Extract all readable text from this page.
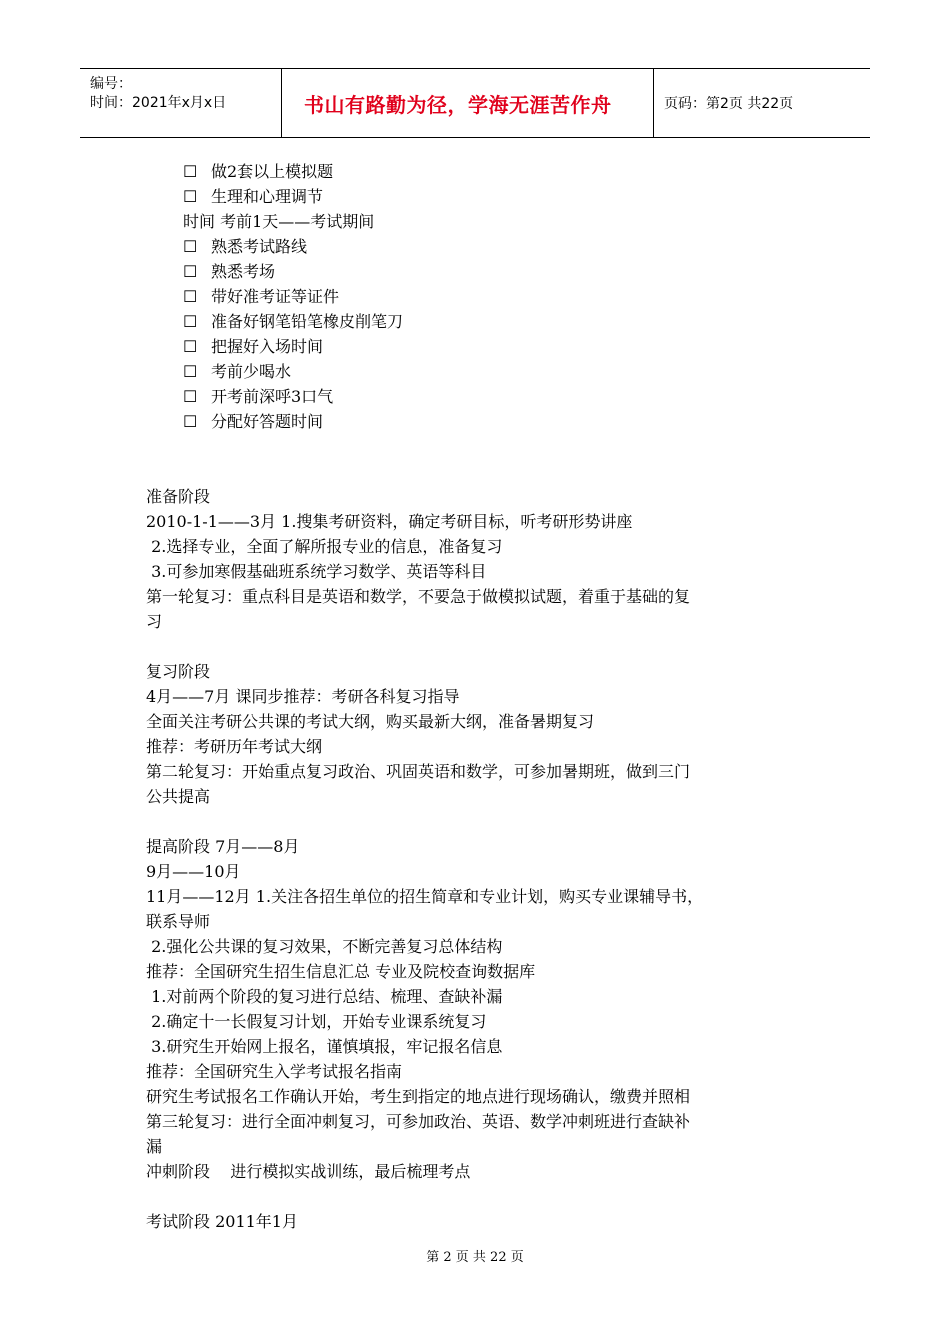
编号：
时间：2021年x月x日	书山有路勤为径，学海无涯苦作舟	页码：第2页 共22页
☐ 做2套以上模拟题
☐ 生理和心理调节
时间 考前1天——考试期间
☐ 熟悉考试路线
☐ 熟悉考场
☐ 带好准考证等证件
☐ 准备好钢笔铅笔橡皮削笔刀
☐ 把握好入场时间
☐ 考前少喝水
☐ 开考前深呼3口气
☐ 分配好答题时间
准备阶段
2010-1-1——3月 1.搜集考研资料，确定考研目标，听考研形势讲座
2.选择专业，全面了解所报专业的信息，准备复习
3.可参加寒假基础班系统学习数学、英语等科目
第一轮复习：重点科目是英语和数学，不要急于做模拟试题，着重于基础的复
习
复习阶段
4月——7月 课同步推荐：考研各科复习指导
全面关注考研公共课的考试大纲，购买最新大纲，准备暑期复习
推荐：考研历年考试大纲
第二轮复习：开始重点复习政治、巩固英语和数学，可参加暑期班，做到三门
公共提高
提高阶段 7月——8月
9月——10月
11月——12月 1.关注各招生单位的招生简章和专业计划，购买专业课辅导书，
联系导师
2.强化公共课的复习效果，不断完善复习总体结构
推荐：全国研究生招生信息汇总 专业及院校查询数据库
1.对前两个阶段的复习进行总结、梳理、查缺补漏
2.确定十一长假复习计划，开始专业课系统复习
3.研究生开始网上报名，谨慎填报，牢记报名信息
推荐：全国研究生入学考试报名指南
研究生考试报名工作确认开始，考生到指定的地点进行现场确认，缴费并照相
第三轮复习：进行全面冲刺复习，可参加政治、英语、数学冲刺班进行查缺补
漏
冲刺阶段    进行模拟实战训练，最后梳理考点
考试阶段 2011年1月
第 2 页 共 22 页
